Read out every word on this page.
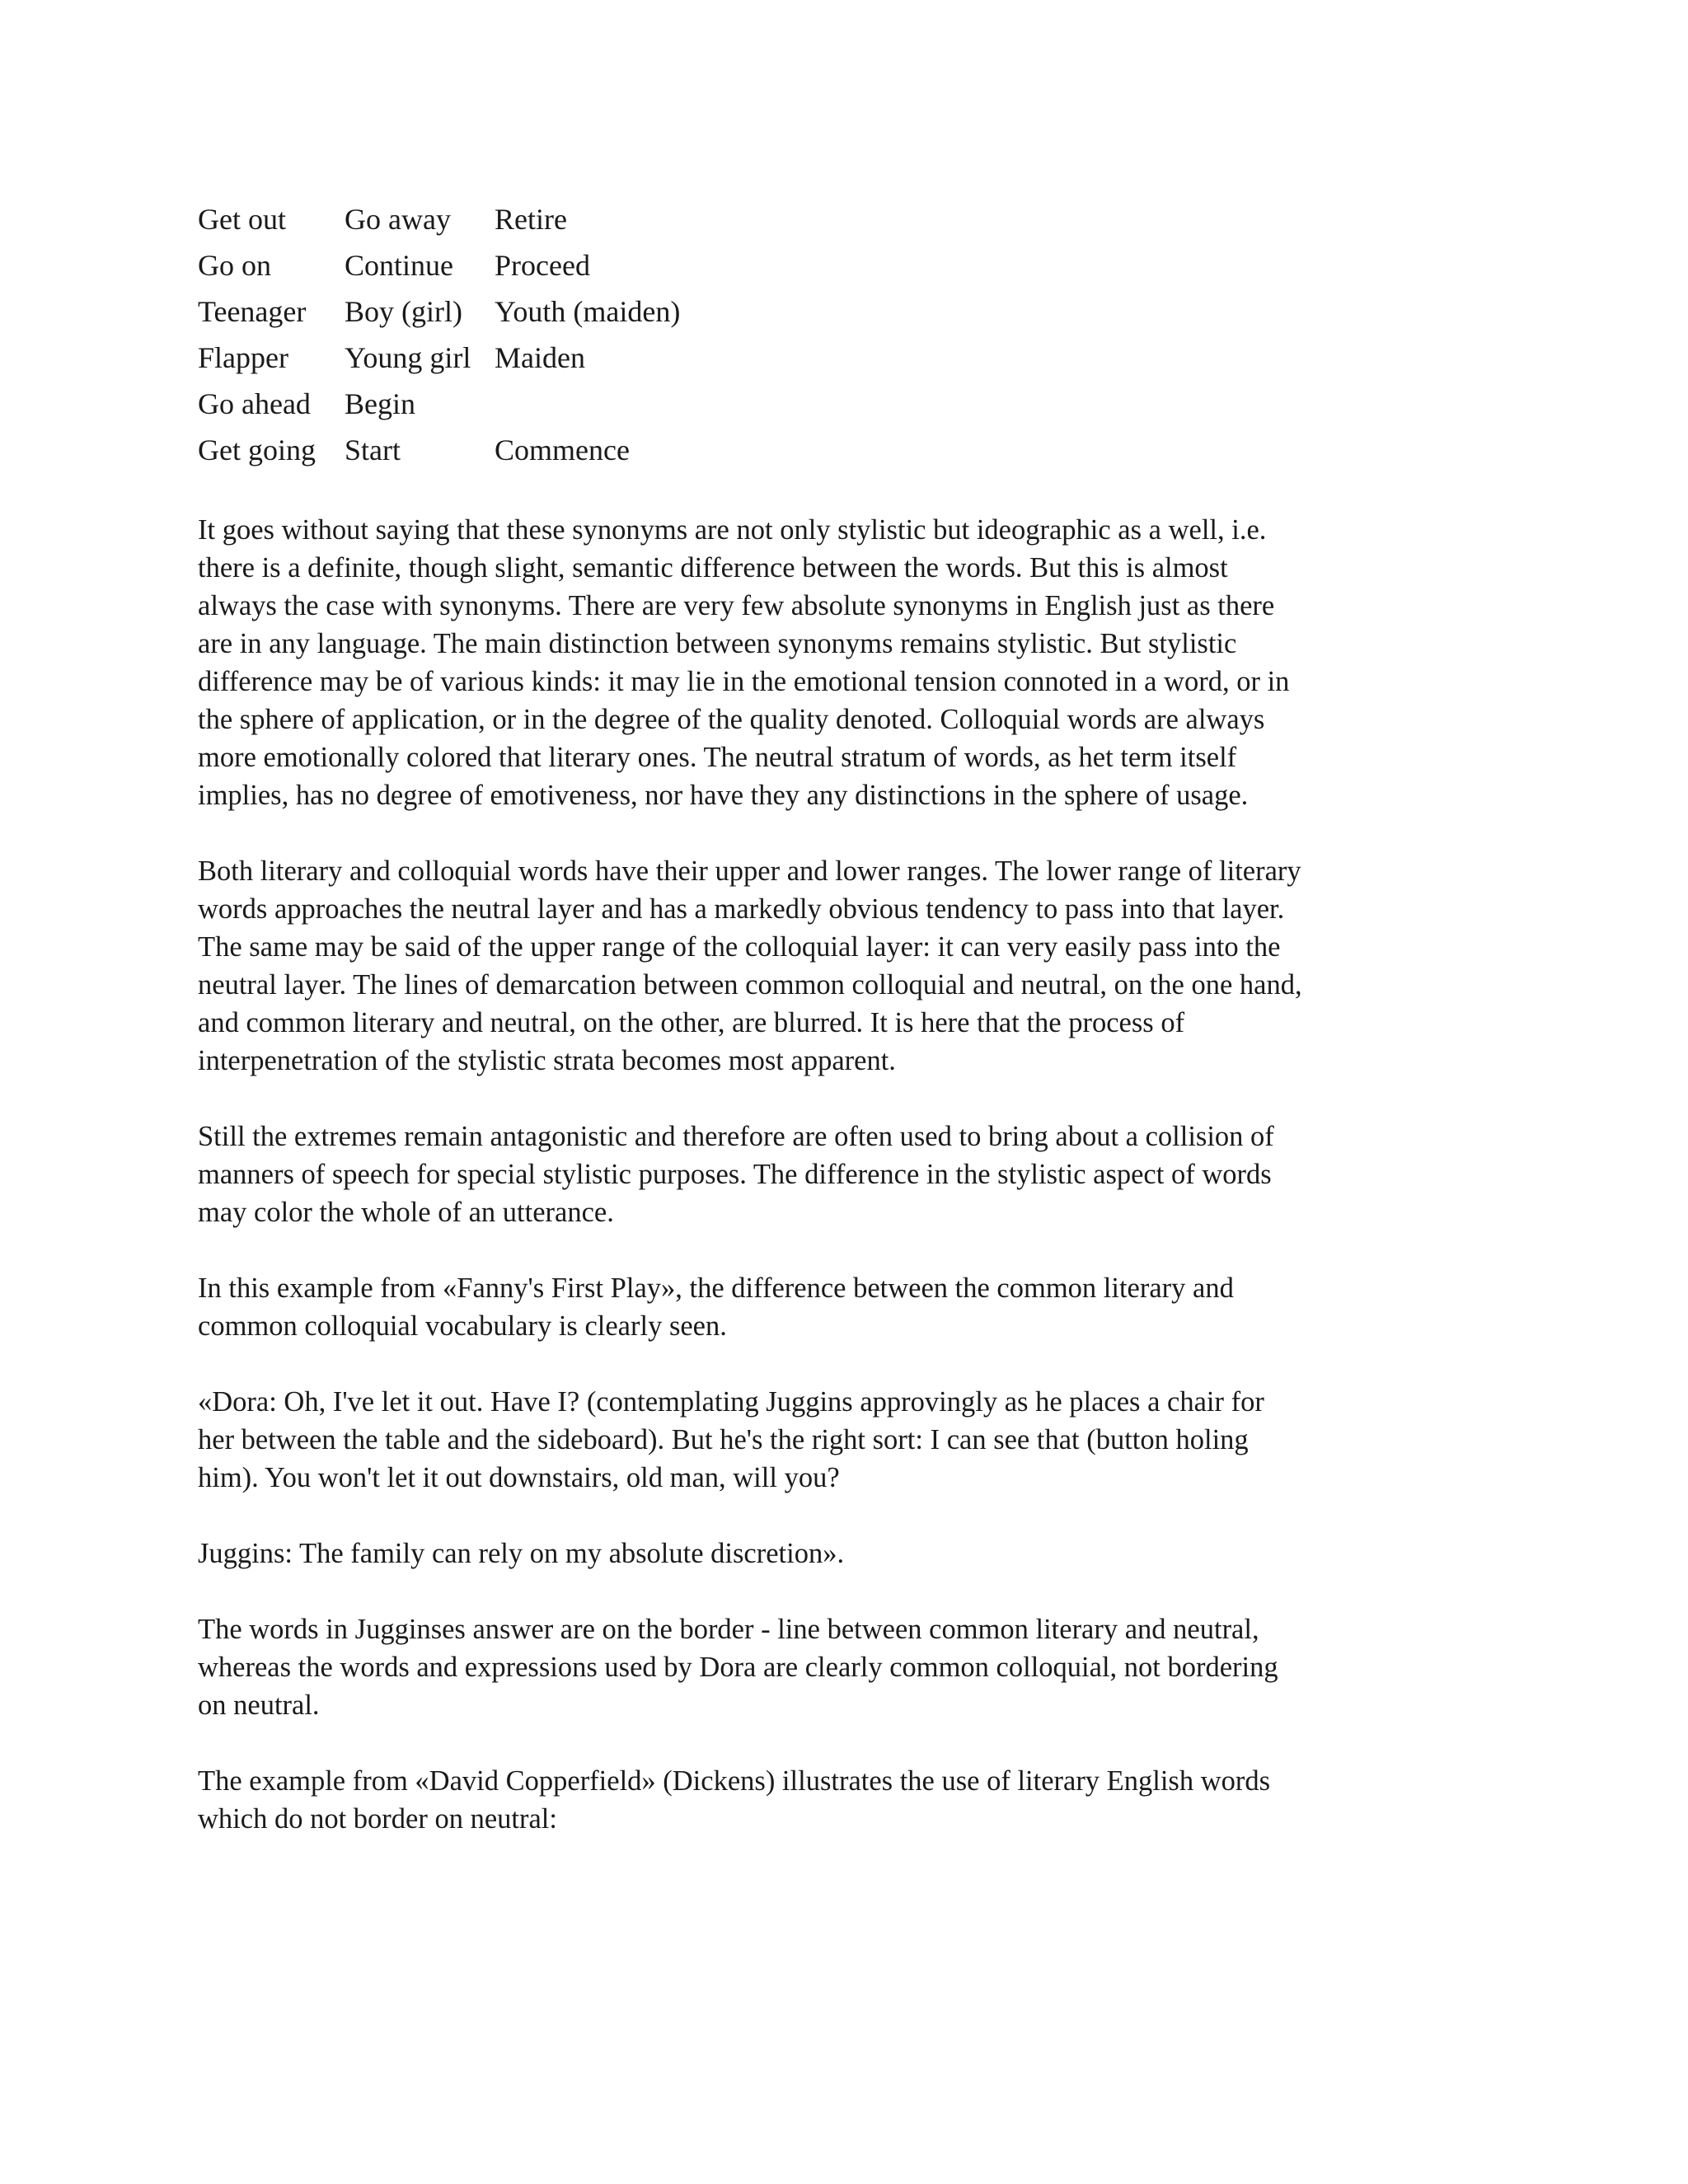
Get out	Go away	Retire
Go on	Continue	Proceed
Teenager	Boy (girl)	Youth (maiden)
Flapper	Young girl	Maiden
Go ahead	Begin	
Get going	Start	Commence

It goes without saying that these synonyms are not only stylistic but ideographic as a well, i.e.
there is a definite, though slight, semantic difference between the words. But this is almost
always the case with synonyms. There are very few absolute synonyms in English just as there
are in any language. The main distinction between synonyms remains stylistic. But stylistic
difference may be of various kinds: it may lie in the emotional tension connoted in a word, or in
the sphere of application, or in the degree of the quality denoted. Colloquial words are always
more emotionally colored that literary ones. The neutral stratum of words, as het term itself
implies, has no degree of emotiveness, nor have they any distinctions in the sphere of usage.

Both literary and colloquial words have their upper and lower ranges. The lower range of literary
words approaches the neutral layer and has a markedly obvious tendency to pass into that layer.
The same may be said of the upper range of the colloquial layer: it can very easily pass into the
neutral layer. The lines of demarcation between common colloquial and neutral, on the one hand,
and common literary and neutral, on the other, are blurred. It is here that the process of
interpenetration of the stylistic strata becomes most apparent.

Still the extremes remain antagonistic and therefore are often used to bring about a collision of
manners of speech for special stylistic purposes. The difference in the stylistic aspect of words
may color the whole of an utterance.

In this example from «Fanny's First Play», the difference between the common literary and
common colloquial vocabulary is clearly seen.

«Dora: Oh, I've let it out. Have I? (contemplating Juggins approvingly as he places a chair for
her between the table and the sideboard). But he's the right sort: I can see that (button holing
him). You won't let it out downstairs, old man, will you?

Juggins: The family can rely on my absolute discretion».

The words in Jugginses answer are on the border - line between common literary and neutral,
whereas the words and expressions used by Dora are clearly common colloquial, not bordering
on neutral.

The example from «David Copperfield» (Dickens) illustrates the use of literary English words
which do not border on neutral:
